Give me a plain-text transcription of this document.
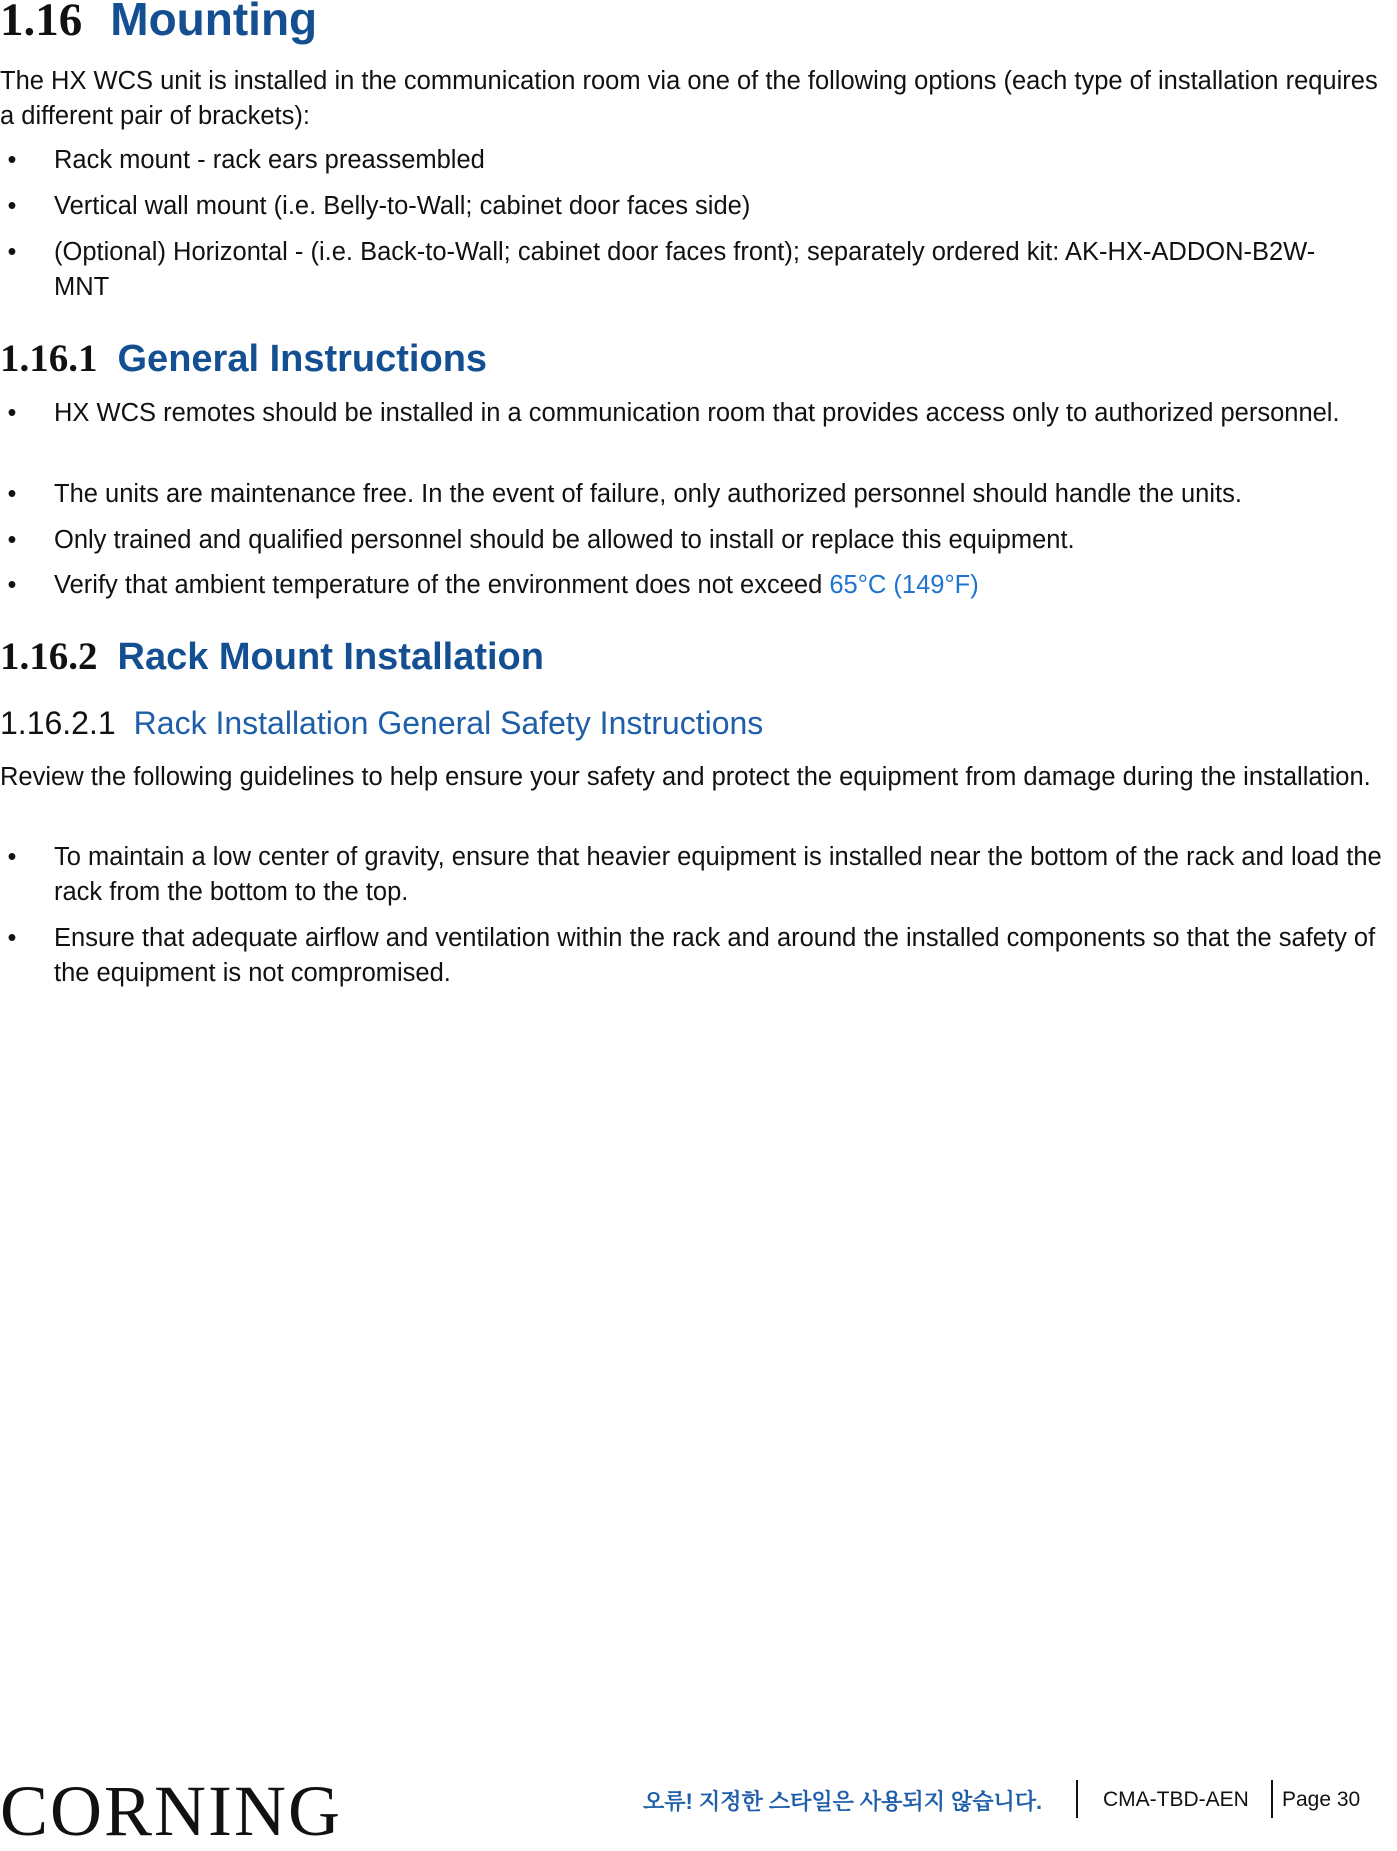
1.16 Mounting
The HX WCS unit is installed in the communication room via one of the following options (each type of installation requires a different pair of brackets):
• Rack mount - rack ears preassembled
• Vertical wall mount (i.e. Belly-to-Wall; cabinet door faces side)
• (Optional) Horizontal - (i.e. Back-to-Wall; cabinet door faces front); separately ordered kit: AK-HX-ADDON-B2W-MNT
1.16.1 General Instructions
• HX WCS remotes should be installed in a communication room that provides access only to authorized personnel.
• The units are maintenance free. In the event of failure, only authorized personnel should handle the units.
• Only trained and qualified personnel should be allowed to install or replace this equipment.
• Verify that ambient temperature of the environment does not exceed 65°C (149°F)
1.16.2 Rack Mount Installation
1.16.2.1 Rack Installation General Safety Instructions
Review the following guidelines to help ensure your safety and protect the equipment from damage during the installation.
• To maintain a low center of gravity, ensure that heavier equipment is installed near the bottom of the rack and load the rack from the bottom to the top.
• Ensure that adequate airflow and ventilation within the rack and around the installed components so that the safety of the equipment is not compromised.
CORNING	오류! 지정한 스타일은 사용되지 않습니다.	CMA-TBD-AEN Page 30
